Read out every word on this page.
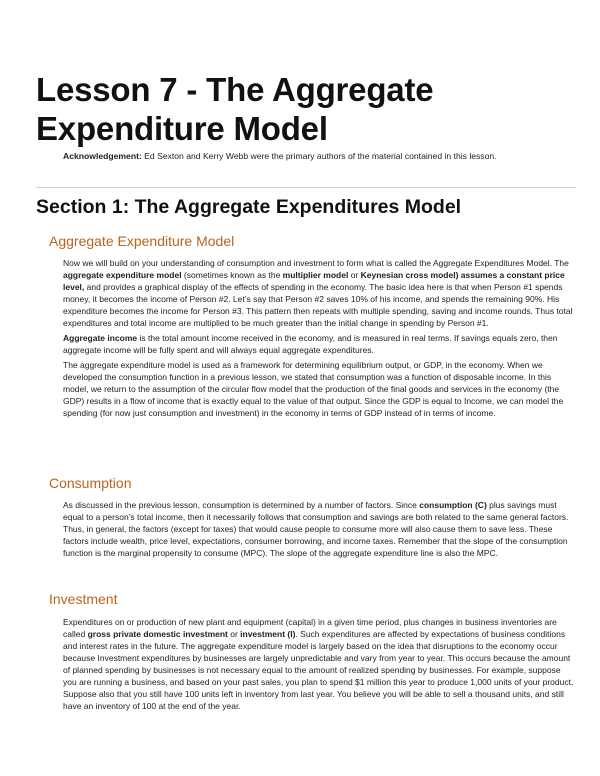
Lesson 7 - The Aggregate Expenditure Model

Acknowledgement: Ed Sexton and Kerry Webb were the primary authors of the material contained in this lesson.

Section 1: The Aggregate Expenditures Model
Aggregate Expenditure Model

Now we will build on your understanding of consumption and investment to form what is called the Aggregate Expenditures Model. The aggregate expenditure model (sometimes known as the multiplier model or Keynesian cross model) assumes a constant price level, and provides a graphical display of the effects of spending in the economy. The basic idea here is that when Person #1 spends money, it becomes the income of Person #2. Let’s say that Person #2 saves 10% of his income, and spends the remaining 90%. His expenditure becomes the income for Person #3. This pattern then repeats with multiple spending, saving and income rounds. Thus total expenditures and total income are multiplied to be much greater than the initial change in spending by Person #1.

Aggregate income is the total amount income received in the economy, and is measured in real terms. If savings equals zero, then aggregate income will be fully spent and will always equal aggregate expenditures.

The aggregate expenditure model is used as a framework for determining equilibrium output, or GDP, in the economy. When we developed the consumption function in a previous lesson, we stated that consumption was a function of disposable income. In this model, we return to the assumption of the circular flow model that the production of the final goods and services in the economy (the GDP) results in a flow of income that is exactly equal to the value of that output. Since the GDP is equal to Income, we can model the spending (for now just consumption and investment) in the economy in terms of GDP instead of in terms of income.

Consumption

As discussed in the previous lesson, consumption is determined by a number of factors. Since consumption (C) plus savings must equal to a person’s total income, then it necessarily follows that consumption and savings are both related to the same general factors. Thus, in general, the factors (except for taxes) that would cause people to consume more will also cause them to save less. These factors include wealth, price level, expectations, consumer borrowing, and income taxes. Remember that the slope of the consumption function is the marginal propensity to consume (MPC). The slope of the aggregate expenditure line is also the MPC.

Investment

Expenditures on or production of new plant and equipment (capital) in a given time period, plus changes in business inventories are called gross private domestic investment or investment (I). Such expenditures are affected by expectations of business conditions and interest rates in the future. The aggregate expenditure model is largely based on the idea that disruptions to the economy occur because Investment expenditures by businesses are largely unpredictable and vary from year to year. This occurs because the amount of planned spending by businesses is not necessary equal to the amount of realized spending by businesses. For example, suppose you are running a business, and based on your past sales, you plan to spend $1 million this year to produce 1,000 units of your product. Suppose also that you still have 100 units left in inventory from last year. You believe you will be able to sell a thousand units, and still have an inventory of 100 at the end of the year.
